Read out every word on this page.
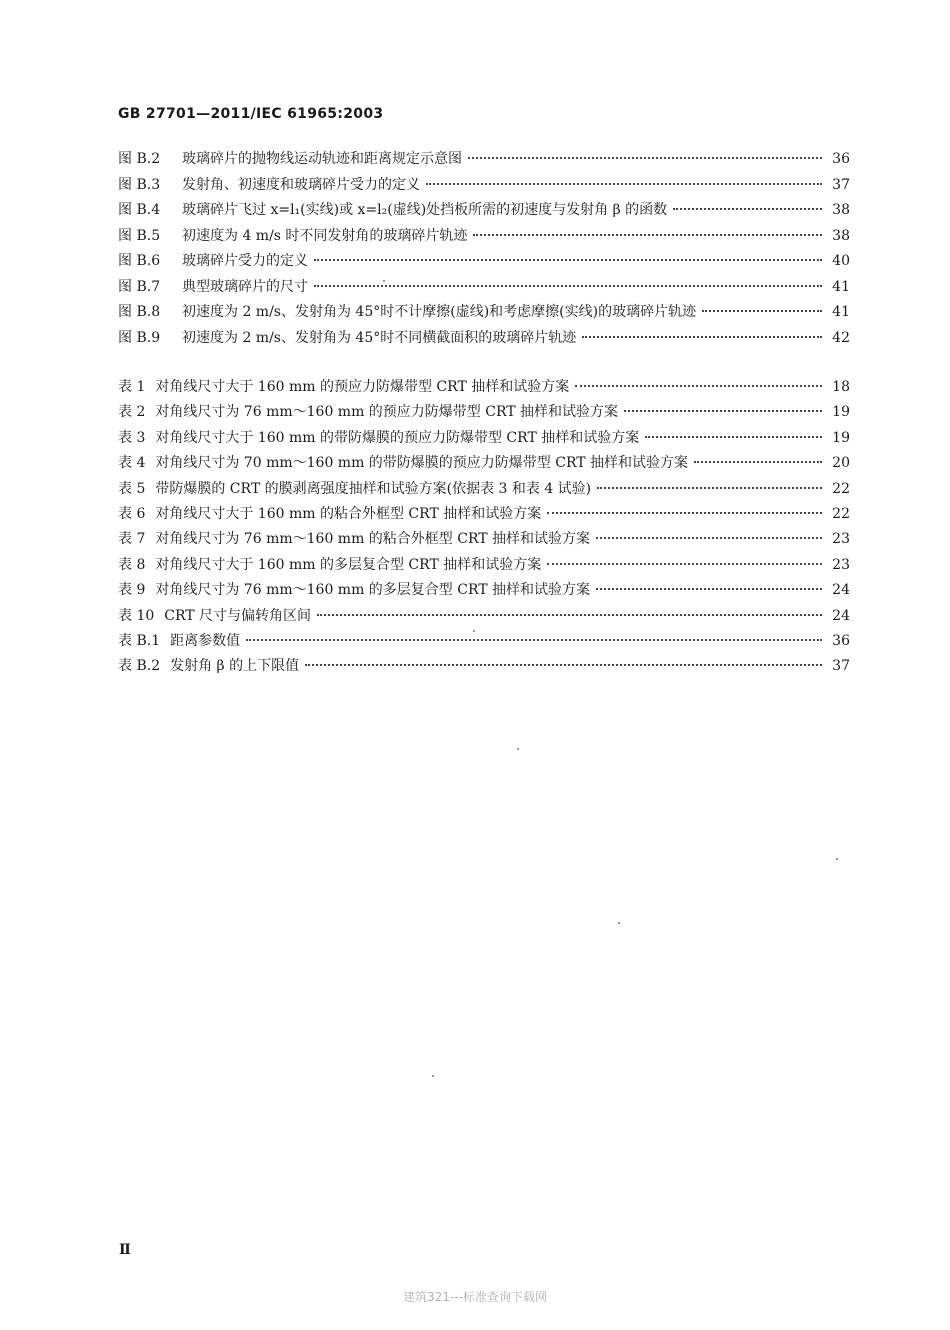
GB 27701—2011/IEC 61965:2003
图 B.2	玻璃碎片的抛物线运动轨迹和距离规定示意图	36
图 B.3	发射角、初速度和玻璃碎片受力的定义	37
图 B.4	玻璃碎片飞过 x=l₁(实线)或 x=l₂(虚线)处挡板所需的初速度与发射角 β 的函数	38
图 B.5	初速度为 4 m/s 时不同发射角的玻璃碎片轨迹	38
图 B.6	玻璃碎片受力的定义	40
图 B.7	典型玻璃碎片的尺寸	41
图 B.8	初速度为 2 m/s、发射角为 45°时不计摩擦(虚线)和考虑摩擦(实线)的玻璃碎片轨迹	41
图 B.9	初速度为 2 m/s、发射角为 45°时不同横截面积的玻璃碎片轨迹	42
表 1 对角线尺寸大于 160 mm 的预应力防爆带型 CRT 抽样和试验方案	18
表 2 对角线尺寸为 76 mm～160 mm 的预应力防爆带型 CRT 抽样和试验方案	19
表 3 对角线尺寸大于 160 mm 的带防爆膜的预应力防爆带型 CRT 抽样和试验方案	19
表 4 对角线尺寸为 70 mm～160 mm 的带防爆膜的预应力防爆带型 CRT 抽样和试验方案	20
表 5 带防爆膜的 CRT 的膜剥离强度抽样和试验方案(依据表 3 和表 4 试验)	22
表 6 对角线尺寸大于 160 mm 的粘合外框型 CRT 抽样和试验方案	22
表 7 对角线尺寸为 76 mm～160 mm 的粘合外框型 CRT 抽样和试验方案	23
表 8 对角线尺寸大于 160 mm 的多层复合型 CRT 抽样和试验方案	23
表 9 对角线尺寸为 76 mm～160 mm 的多层复合型 CRT 抽样和试验方案	24
表 10 CRT 尺寸与偏转角区间	24
表 B.1 距离参数值	36
表 B.2 发射角 β 的上下限值	37
Ⅱ
建筑321---标准查询下载网
